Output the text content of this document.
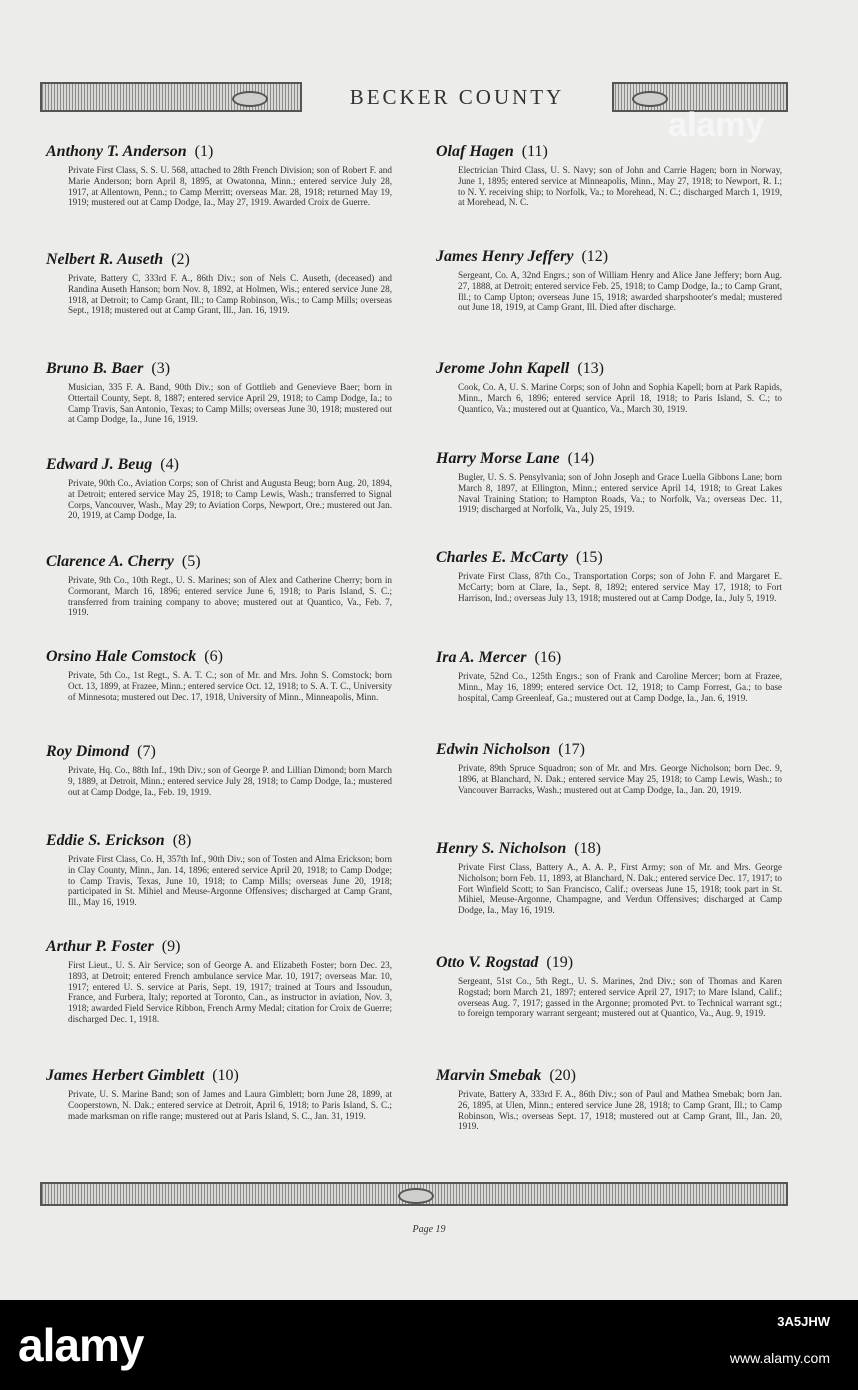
BECKER COUNTY
alamy
Anthony T. Anderson (1)
Private First Class, S. S. U. 568, attached to 28th French Division; son of Robert F. and Marie Anderson; born April 8, 1895, at Owatonna, Minn.; entered service July 28, 1917, at Allentown, Penn.; to Camp Merritt; overseas Mar. 28, 1918; returned May 19, 1919; mustered out at Camp Dodge, Ia., May 27, 1919. Awarded Croix de Guerre.
Nelbert R. Auseth (2)
Private, Battery C, 333rd F. A., 86th Div.; son of Nels C. Auseth, (deceased) and Randina Auseth Hanson; born Nov. 8, 1892, at Holmen, Wis.; entered service June 28, 1918, at Detroit; to Camp Grant, Ill.; to Camp Robinson, Wis.; to Camp Mills; overseas Sept., 1918; mustered out at Camp Grant, Ill., Jan. 16, 1919.
Bruno B. Baer (3)
Musician, 335 F. A. Band, 90th Div.; son of Gottlieb and Genevieve Baer; born in Ottertail County, Sept. 8, 1887; entered service April 29, 1918; to Camp Dodge, Ia.; to Camp Travis, San Antonio, Texas; to Camp Mills; overseas June 30, 1918; mustered out at Camp Dodge, Ia., June 16, 1919.
Edward J. Beug (4)
Private, 90th Co., Aviation Corps; son of Christ and Augusta Beug; born Aug. 20, 1894, at Detroit; entered service May 25, 1918; to Camp Lewis, Wash.; transferred to Signal Corps, Vancouver, Wash., May 29; to Aviation Corps, Newport, Ore.; mustered out Jan. 20, 1919, at Camp Dodge, Ia.
Clarence A. Cherry (5)
Private, 9th Co., 10th Regt., U. S. Marines; son of Alex and Catherine Cherry; born in Cormorant, March 16, 1896; entered service June 6, 1918; to Paris Island, S. C.; transferred from training company to above; mustered out at Quantico, Va., Feb. 7, 1919.
Orsino Hale Comstock (6)
Private, 5th Co., 1st Regt., S. A. T. C.; son of Mr. and Mrs. John S. Comstock; born Oct. 13, 1899, at Frazee, Minn.; entered service Oct. 12, 1918; to S. A. T. C., University of Minnesota; mustered out Dec. 17, 1918, University of Minn., Minneapolis, Minn.
Roy Dimond (7)
Private, Hq. Co., 88th Inf., 19th Div.; son of George P. and Lillian Dimond; born March 9, 1889, at Detroit, Minn.; entered service July 28, 1918; to Camp Dodge, Ia.; mustered out at Camp Dodge, Ia., Feb. 19, 1919.
Eddie S. Erickson (8)
Private First Class, Co. H, 357th Inf., 90th Div.; son of Tosten and Alma Erickson; born in Clay County, Minn., Jan. 14, 1896; entered service April 20, 1918; to Camp Dodge; to Camp Travis, Texas, June 10, 1918; to Camp Mills; overseas June 20, 1918; participated in St. Mihiel and Meuse-Argonne Offensives; discharged at Camp Grant, Ill., May 16, 1919.
Arthur P. Foster (9)
First Lieut., U. S. Air Service; son of George A. and Elizabeth Foster; born Dec. 23, 1893, at Detroit; entered French ambulance service Mar. 10, 1917; overseas Mar. 10, 1917; entered U. S. service at Paris, Sept. 19, 1917; trained at Tours and Issoudun, France, and Furbera, Italy; reported at Toronto, Can., as instructor in aviation, Nov. 3, 1918; awarded Field Service Ribbon, French Army Medal; citation for Croix de Guerre; discharged Dec. 1, 1918.
James Herbert Gimblett (10)
Private, U. S. Marine Band; son of James and Laura Gimblett; born June 28, 1899, at Cooperstown, N. Dak.; entered service at Detroit, April 6, 1918; to Paris Island, S. C.; made marksman on rifle range; mustered out at Paris Island, S. C., Jan. 31, 1919.
Olaf Hagen (11)
Electrician Third Class, U. S. Navy; son of John and Carrie Hagen; born in Norway, June 1, 1895; entered service at Minneapolis, Minn., May 27, 1918; to Newport, R. I.; to N. Y. receiving ship; to Norfolk, Va.; to Morehead, N. C.; discharged March 1, 1919, at Morehead, N. C.
James Henry Jeffery (12)
Sergeant, Co. A, 32nd Engrs.; son of William Henry and Alice Jane Jeffery; born Aug. 27, 1888, at Detroit; entered service Feb. 25, 1918; to Camp Dodge, Ia.; to Camp Grant, Ill.; to Camp Upton; overseas June 15, 1918; awarded sharpshooter's medal; mustered out June 18, 1919, at Camp Grant, Ill. Died after discharge.
Jerome John Kapell (13)
Cook, Co. A, U. S. Marine Corps; son of John and Sophia Kapell; born at Park Rapids, Minn., March 6, 1896; entered service April 18, 1918; to Paris Island, S. C.; to Quantico, Va.; mustered out at Quantico, Va., March 30, 1919.
Harry Morse Lane (14)
Bugler, U. S. S. Pensylvania; son of John Joseph and Grace Luella Gibbons Lane; born March 8, 1897, at Ellington, Minn.; entered service April 14, 1918; to Great Lakes Naval Training Station; to Hampton Roads, Va.; to Norfolk, Va.; overseas Dec. 11, 1919; discharged at Norfolk, Va., July 25, 1919.
Charles E. McCarty (15)
Private First Class, 87th Co., Transportation Corps; son of John F. and Margaret E. McCarty; born at Clare, Ia., Sept. 8, 1892; entered service May 17, 1918; to Fort Harrison, Ind.; overseas July 13, 1918; mustered out at Camp Dodge, Ia., July 5, 1919.
Ira A. Mercer (16)
Private, 52nd Co., 125th Engrs.; son of Frank and Caroline Mercer; born at Frazee, Minn., May 16, 1899; entered service Oct. 12, 1918; to Camp Forrest, Ga.; to base hospital, Camp Greenleaf, Ga.; mustered out at Camp Dodge, Ia., Jan. 6, 1919.
Edwin Nicholson (17)
Private, 89th Spruce Squadron; son of Mr. and Mrs. George Nicholson; born Dec. 9, 1896, at Blanchard, N. Dak.; entered service May 25, 1918; to Camp Lewis, Wash.; to Vancouver Barracks, Wash.; mustered out at Camp Dodge, Ia., Jan. 20, 1919.
Henry S. Nicholson (18)
Private First Class, Battery A., A. A. P., First Army; son of Mr. and Mrs. George Nicholson; born Feb. 11, 1893, at Blanchard, N. Dak.; entered service Dec. 17, 1917; to Fort Winfield Scott; to San Francisco, Calif.; overseas June 15, 1918; took part in St. Mihiel, Meuse-Argonne, Champagne, and Verdun Offensives; discharged at Camp Dodge, Ia., May 16, 1919.
Otto V. Rogstad (19)
Sergeant, 51st Co., 5th Regt., U. S. Marines, 2nd Div.; son of Thomas and Karen Rogstad; born March 21, 1897; entered service April 27, 1917; to Mare Island, Calif.; overseas Aug. 7, 1917; gassed in the Argonne; promoted Pvt. to Technical warrant sgt.; to foreign temporary warrant sergeant; mustered out at Quantico, Va., Aug. 9, 1919.
Marvin Smebak (20)
Private, Battery A, 333rd F. A., 86th Div.; son of Paul and Mathea Smebak; born Jan. 26, 1895, at Ulen, Minn.; entered service June 28, 1918; to Camp Grant, Ill.; to Camp Robinson, Wis.; overseas Sept. 17, 1918; mustered out at Camp Grant, Ill., Jan. 20, 1919.
Page 19
alamy	3A5JHW
www.alamy.com
